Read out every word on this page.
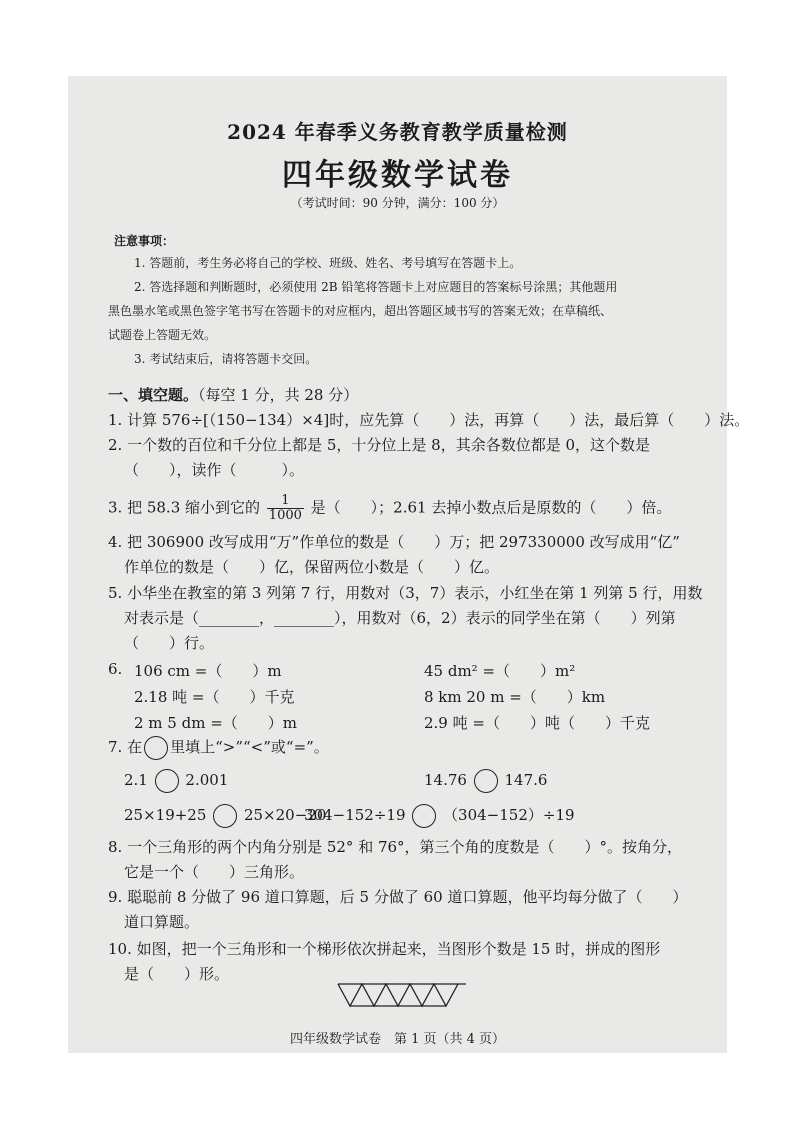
2024 年春季义务教育教学质量检测
四年级数学试卷
（考试时间：90 分钟，满分：100 分）
注意事项：
1. 答题前，考生务必将自己的学校、班级、姓名、考号填写在答题卡上。
2. 答选择题和判断题时，必须使用 2B 铅笔将答题卡上对应题目的答案标号涂黑；其他题用
黑色墨水笔或黑色签字笔书写在答题卡的对应框内，超出答题区域书写的答案无效；在草稿纸、
试题卷上答题无效。
3. 考试结束后，请将答题卡交回。
一、填空题。（每空 1 分，共 28 分）
1. 计算 576÷[（150−134）×4]时，应先算（　　）法，再算（　　）法，最后算（　　）法。
2. 一个数的百位和千分位上都是 5，十分位上是 8，其余各数位都是 0，这个数是
（　　），读作（　　　）。
3. 把 58.3 缩小到它的 $\frac{1}{1000}$ 是（　　）；2.61 去掉小数点后是原数的（　　）倍。
4. 把 306900 改写成用“万”作单位的数是（　　）万；把 297330000 改写成用“亿”
作单位的数是（　　）亿，保留两位小数是（　　）亿。
5. 小华坐在教室的第 3 列第 7 行，用数对（3，7）表示，小红坐在第 1 列第 5 行，用数
对表示是（________，________），用数对（6，2）表示的同学坐在第（　　）列第
（　　）行。
6. 106 cm =（　　）m	45 dm² =（　　）m²
2.18 吨 =（　　）千克	8 km 20 m =（　　）km
2 m 5 dm =（　　）m	2.9 吨 =（　　）吨（　　）千克
7. 在 里填上“>”“<”或“=”。
2.1	2.001	14.76	147.6
25×19+25	25×20−20
304−152÷19	（304−152）÷19
8. 一个三角形的两个内角分别是 52° 和 76°，第三个角的度数是（　　）°。按角分，
它是一个（　　）三角形。
9. 聪聪前 8 分做了 96 道口算题，后 5 分做了 60 道口算题，他平均每分做了（　　）
道口算题。
10. 如图，把一个三角形和一个梯形依次拼起来，当图形个数是 15 时，拼成的图形
是（　　）形。
四年级数学试卷　第 1 页（共 4 页）
